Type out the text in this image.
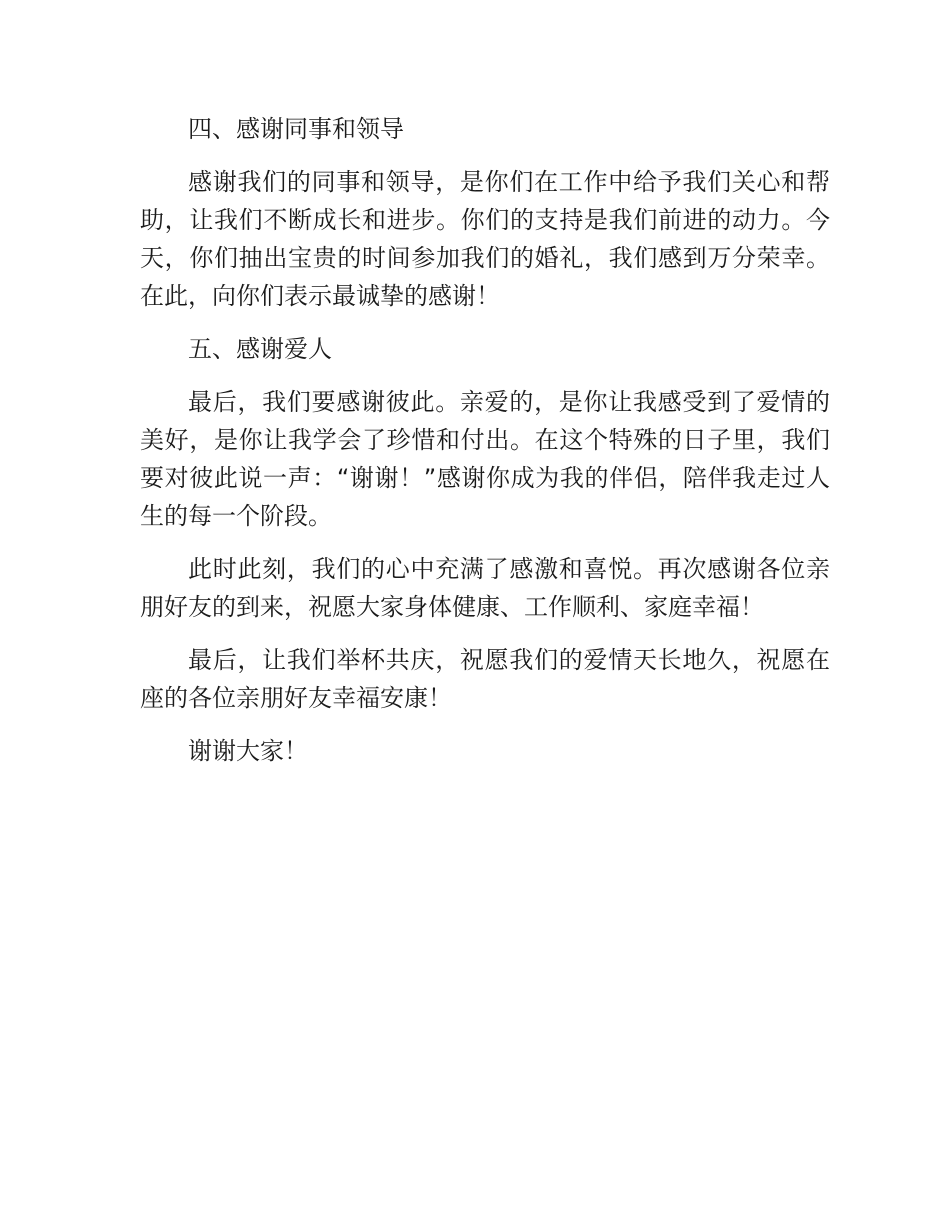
四、感谢同事和领导

感谢我们的同事和领导，是你们在工作中给予我们关心和帮助，让我们不断成长和进步。你们的支持是我们前进的动力。今天，你们抽出宝贵的时间参加我们的婚礼，我们感到万分荣幸。在此，向你们表示最诚挚的感谢！

五、感谢爱人

最后，我们要感谢彼此。亲爱的，是你让我感受到了爱情的美好，是你让我学会了珍惜和付出。在这个特殊的日子里，我们要对彼此说一声：“谢谢！”感谢你成为我的伴侣，陪伴我走过人生的每一个阶段。

此时此刻，我们的心中充满了感激和喜悦。再次感谢各位亲朋好友的到来，祝愿大家身体健康、工作顺利、家庭幸福！

最后，让我们举杯共庆，祝愿我们的爱情天长地久，祝愿在座的各位亲朋好友幸福安康！

谢谢大家！
